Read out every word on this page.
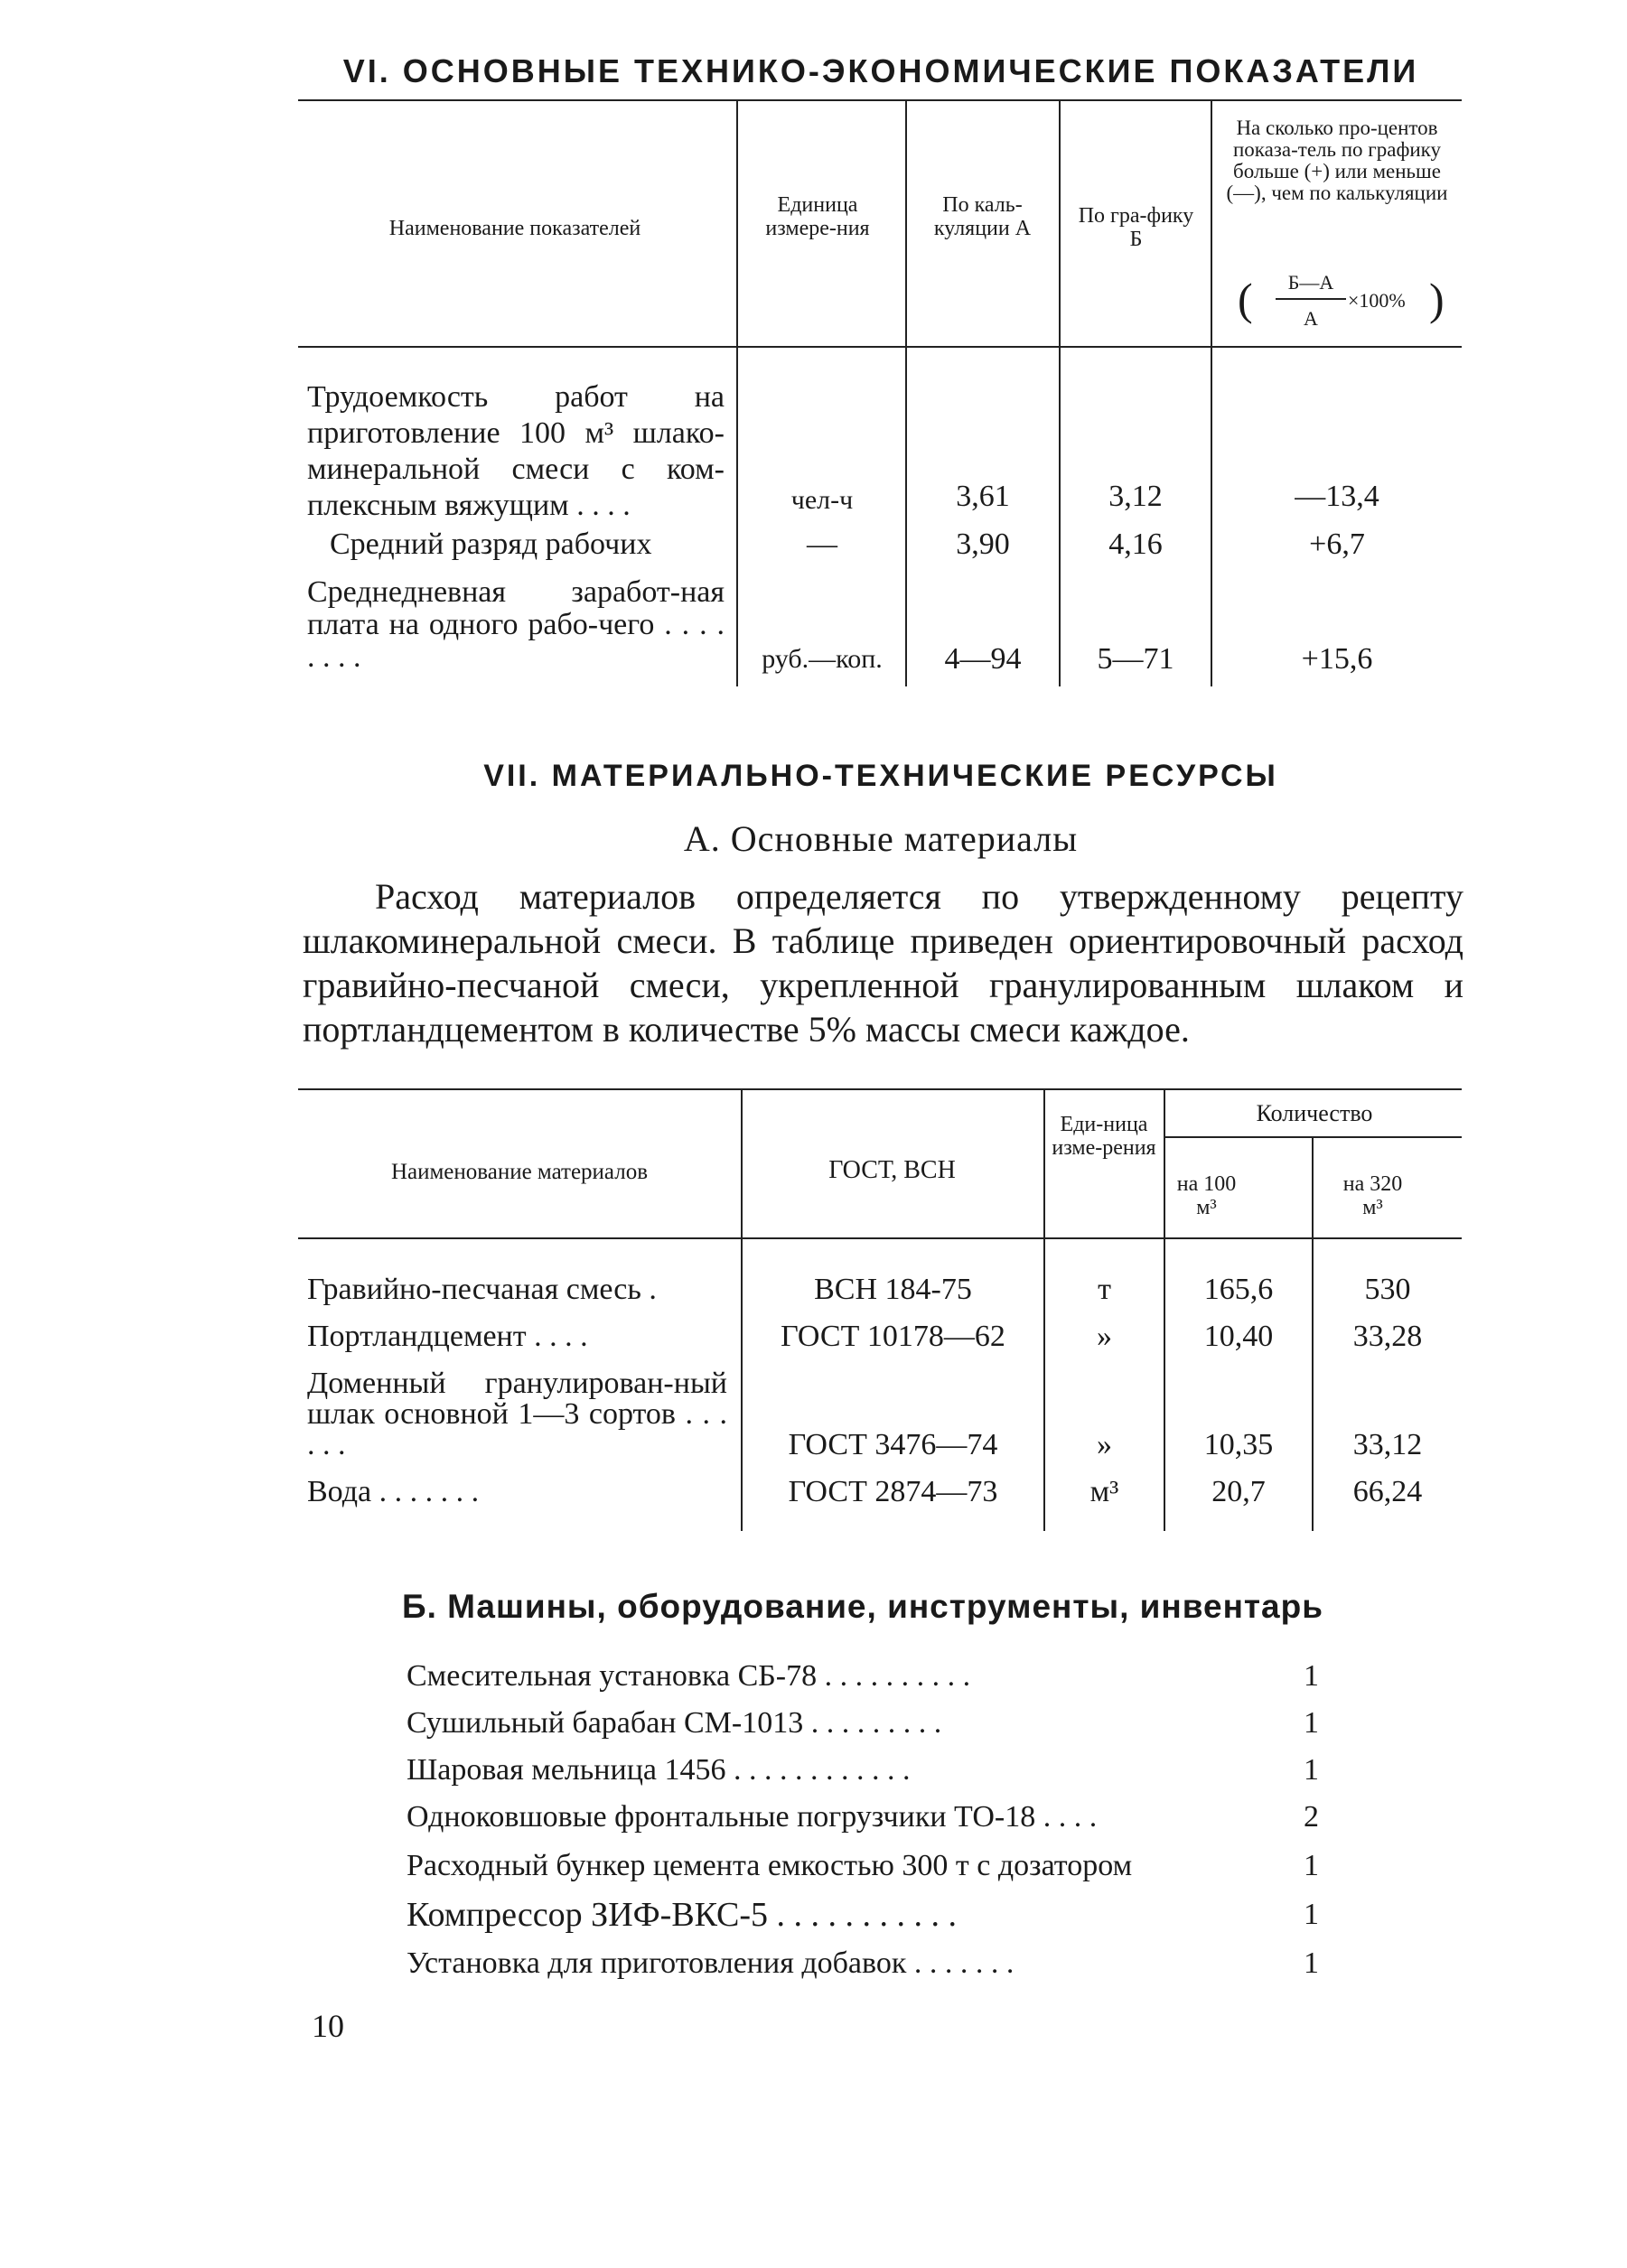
VI. ОСНОВНЫЕ ТЕХНИКО-ЭКОНОМИЧЕСКИЕ ПОКАЗАТЕЛИ
Наименование показателей
Единица измере-ния
По каль-куляции А
По гра-фику Б
На сколько про-центов показа-тель по графику больше (+) или меньше (—), чем по калькуляции
(	Б—А
А
×100% )
Трудоемкость работ на приготовление 100 м³ шлако-минеральной смеси с ком-плексным вяжущим . . . .	чел-ч	3,61	3,12	—13,4
Средний разряд рабочих	—	3,90	4,16	+6,7
Среднедневная заработ-ная плата на одного рабо-чего . . . . . . . .	руб.—коп.	4—94	5—71	+15,6
VII. МАТЕРИАЛЬНО-ТЕХНИЧЕСКИЕ РЕСУРСЫ
А. Основные материалы
Расход материалов определяется по утвержденному рецепту шлакоминеральной смеси. В таблице приведен ориентировочный расход гравийно-песчаной смеси, укрепленной гранулированным шлаком и портландцементом в количестве 5% массы смеси каждое.
Наименование материалов	ГОСТ, ВСН
Еди-ница изме-рения
Количество
на 100 м³
на 320 м³
Гравийно-песчаная смесь .	ВСН 184-75	т	165,6	530
Портландцемент . . . .	ГОСТ 10178—62	»	10,40	33,28
Доменный гранулирован-ный шлак основной 1—3 сортов . . . . . .	ГОСТ 3476—74	»	10,35	33,12
Вода . . . . . . .	ГОСТ 2874—73	м³	20,7	66,24
Б. Машины, оборудование, инструменты, инвентарь
Смесительная установка СБ-78 . . . . . . . . . .	1
Сушильный барабан СМ-1013 . . . . . . . . .	1
Шаровая мельница 1456 . . . . . . . . . . . .	1
Одноковшовые фронтальные погрузчики ТО-18 . . . .	2
Расходный бункер цемента емкостью 300 т с дозатором	1
Компрессор ЗИФ-ВКС-5 . . . . . . . . . . .	1
Установка для приготовления добавок . . . . . . .	1
10
